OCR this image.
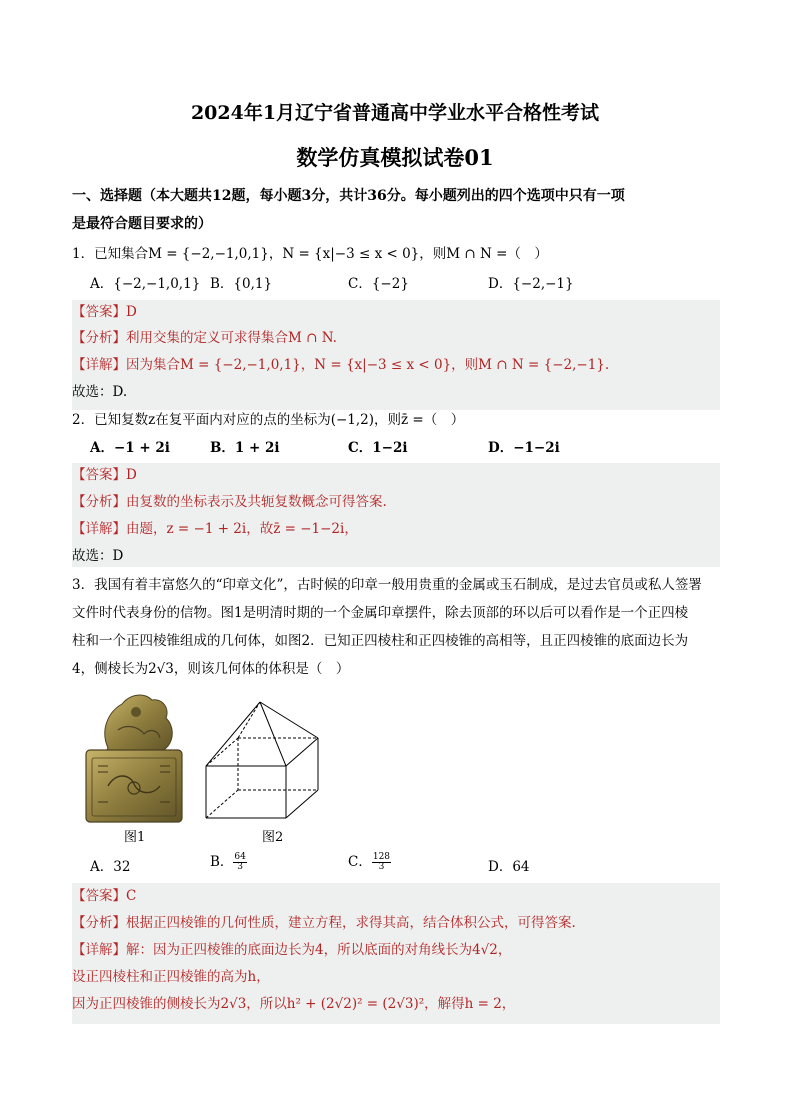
2024年1月辽宁省普通高中学业水平合格性考试
数学仿真模拟试卷01
一、选择题（本大题共12题，每小题3分，共计36分。每小题列出的四个选项中只有一项
是最符合题目要求的）
1．已知集合M = {−2,−1,0,1}，N = {x|−3 ≤ x < 0}，则M ∩ N =（　）
A．{−2,−1,0,1} B．{0,1}	C．{−2}	D．{−2,−1}
【答案】D
【分析】利用交集的定义可求得集合M ∩ N.
【详解】因为集合M = {−2,−1,0,1}，N = {x|−3 ≤ x < 0}，则M ∩ N = {−2,−1}.
故选：D.
2．已知复数z在复平面内对应的点的坐标为(−1,2)，则z̄ =（　）
A．−1 + 2i	B．1 + 2i	C．1−2i	D．−1−2i
【答案】D
【分析】由复数的坐标表示及共轭复数概念可得答案.
【详解】由题，z = −1 + 2i，故z̄ = −1−2i，
故选：D
3．我国有着丰富悠久的“印章文化”，古时候的印章一般用贵重的金属或玉石制成，是过去官员或私人签署
文件时代表身份的信物。图1是明清时期的一个金属印章摆件，除去顶部的环以后可以看作是一个正四棱
柱和一个正四棱锥组成的几何体，如图2．已知正四棱柱和正四棱锥的高相等，且正四棱锥的底面边长为
4，侧棱长为2√3，则该几何体的体积是（　）
图1	图2
A．32	B． $\frac{64}{3}$	C． $\frac{128}{3}$	D．64
【答案】C
【分析】根据正四棱锥的几何性质，建立方程，求得其高，结合体积公式，可得答案.
【详解】解：因为正四棱锥的底面边长为4，所以底面的对角线长为4√2，
设正四棱柱和正四棱锥的高为h，
因为正四棱锥的侧棱长为2√3，所以h² + (2√2)² = (2√3)²，解得h = 2，
